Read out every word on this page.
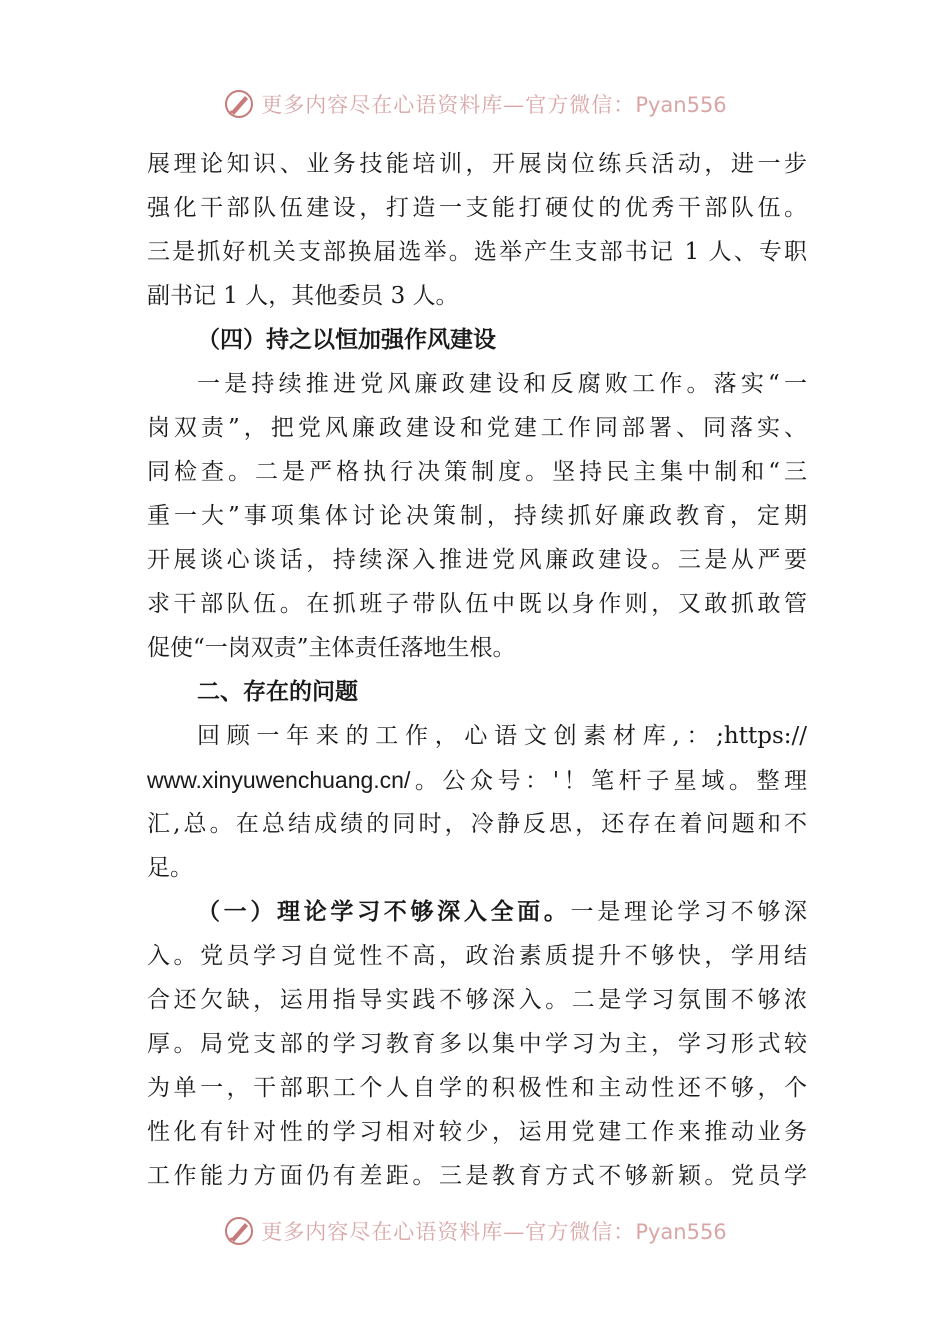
更多内容尽在心语资料库—官方微信：Pyan556
展理论知识、业务技能培训，开展岗位练兵活动，进一步
强化干部队伍建设，打造一支能打硬仗的优秀干部队伍。
三是抓好机关支部换届选举。选举产生支部书记 1 人、专职
副书记 1 人，其他委员 3 人。
（四）持之以恒加强作风建设
一是持续推进党风廉政建设和反腐败工作。落实“一
岗双责”，把党风廉政建设和党建工作同部署、同落实、
同检查。二是严格执行决策制度。坚持民主集中制和“三
重一大”事项集体讨论决策制，持续抓好廉政教育，定期
开展谈心谈话，持续深入推进党风廉政建设。三是从严要
求干部队伍。在抓班子带队伍中既以身作则，又敢抓敢管
促使“一岗双责”主体责任落地生根。
二、存在的问题
回顾一年来的工作，心语文创素材库,：;https://
www.xinyuwenchuang.cn/。公众号：'！笔杆子星域。整理
汇,总。在总结成绩的同时，冷静反思，还存在着问题和不
足。
（一）理论学习不够深入全面。一是理论学习不够深
入。党员学习自觉性不高，政治素质提升不够快，学用结
合还欠缺，运用指导实践不够深入。二是学习氛围不够浓
厚。局党支部的学习教育多以集中学习为主，学习形式较
为单一，干部职工个人自学的积极性和主动性还不够，个
性化有针对性的学习相对较少，运用党建工作来推动业务
工作能力方面仍有差距。三是教育方式不够新颖。党员学
更多内容尽在心语资料库—官方微信：Pyan556
